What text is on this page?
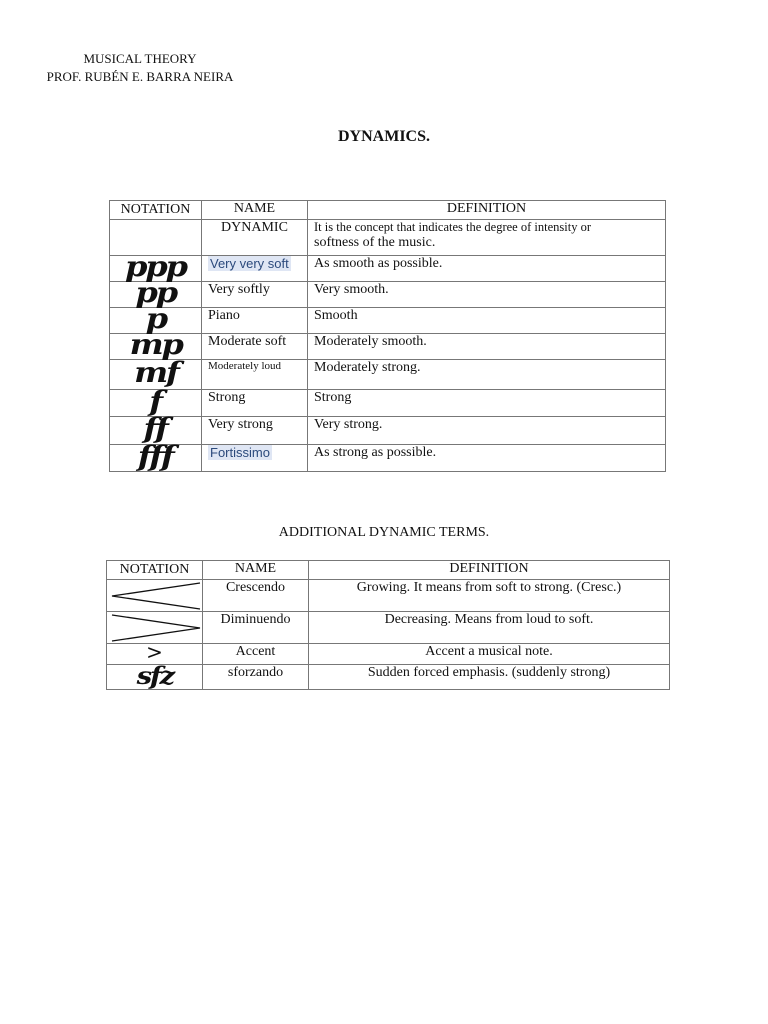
MUSICAL THEORY
PROF. RUBÉN E. BARRA NEIRA
DYNAMICS.
NOTATION	NAME	DEFINITION
	DYNAMIC	It is the concept that indicates the degree of intensity or
softness of the music.

ppp	Very very soft	As smooth as possible.
pp	Very softly	Very smooth.
p	Piano	Smooth
mp	Moderate soft	Moderately smooth.
mf	Moderately loud	Moderately strong.
f	Strong	Strong
ff	Very strong	Very strong.
fff	Fortissimo	As strong as possible.
ADDITIONAL DYNAMIC TERMS.
NOTATION	NAME	DEFINITION

	Crescendo	Growing. It means from soft to strong. (Cresc.)

	Diminuendo	Decreasing. Means from loud to soft.
>	Accent	Accent a musical note.
sfz	sforzando	Sudden forced emphasis. (suddenly strong)
